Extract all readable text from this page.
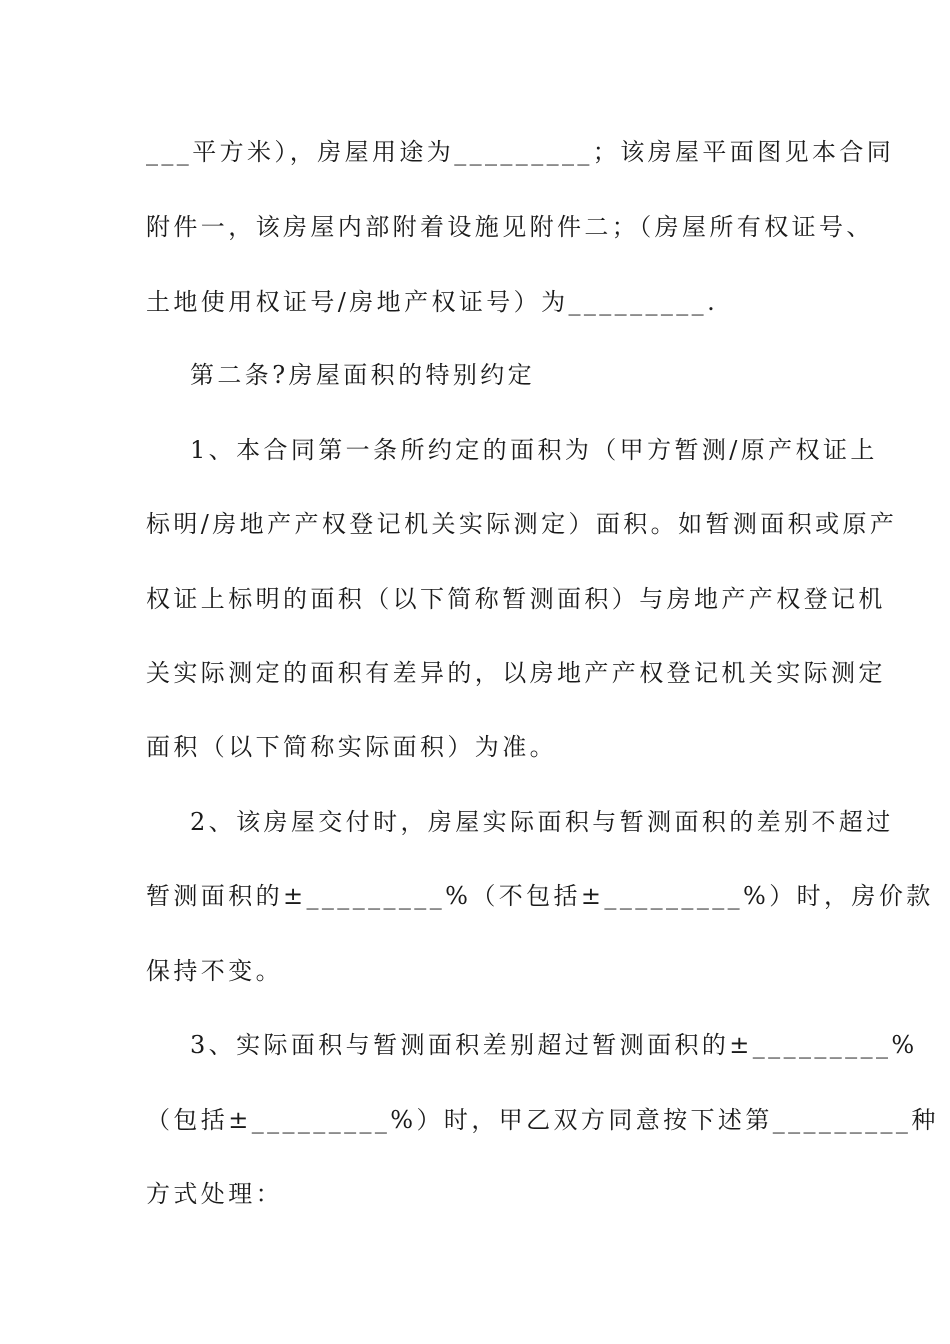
___平方米），房屋用途为_________；该房屋平面图见本合同
附件一，该房屋内部附着设施见附件二；（房屋所有权证号、
土地使用权证号/房地产权证号）为_________.
第二条?房屋面积的特别约定
1、本合同第一条所约定的面积为（甲方暂测/原产权证上
标明/房地产产权登记机关实际测定）面积。如暂测面积或原产
权证上标明的面积（以下简称暂测面积）与房地产产权登记机
关实际测定的面积有差异的，以房地产产权登记机关实际测定
面积（以下简称实际面积）为准。
2、该房屋交付时，房屋实际面积与暂测面积的差别不超过
暂测面积的±_________%（不包括±_________%）时，房价款
保持不变。
3、实际面积与暂测面积差别超过暂测面积的±_________%
（包括±_________%）时，甲乙双方同意按下述第_________种
方式处理：
